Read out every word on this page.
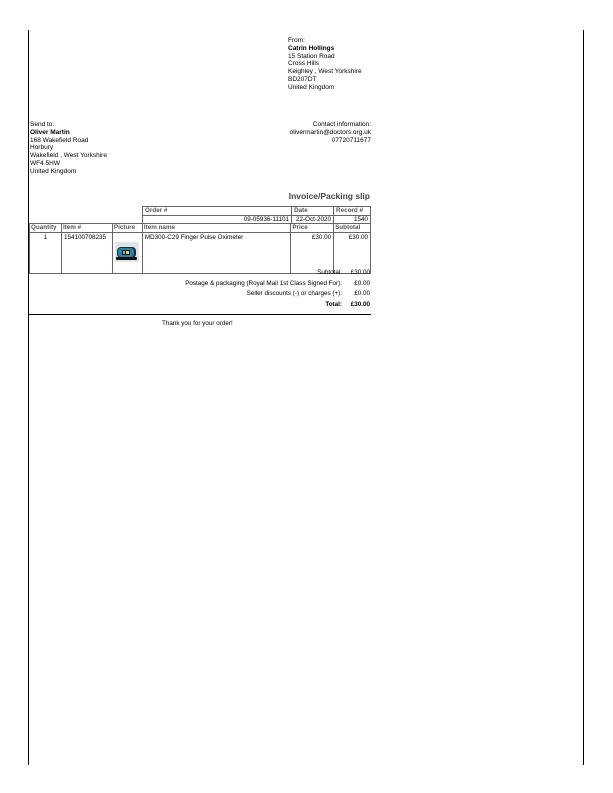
From:
Catrin Hollings
15 Station Road
Cross Hills
Keighley , West Yorkshire
BD207DT
United Kingdom
Send to:
Oliver Martin
168 Wakefield Road
Horbury
Wakefield , West Yorkshire
WF4 5HW
United Kingdom
Contact information:
olivermartin@doctors.org.uk
07720711677
Invoice/Packing slip
Order #	Date	Record #
09-05936-11101	22-Oct-2020	1540
Quantity	Item #	Picture	Item name	Price	Subtotal
1	154100708235		MD300-C29 Finger Pulse Oximeter	£30.00	£30.00
Subtotal:	£30.00
Postage & packaging (Royal Mail 1st Class Signed For):	£0.00
Seller discounts (-) or charges (+):	£0.00
Total:	£30.00
Thank you for your order!
